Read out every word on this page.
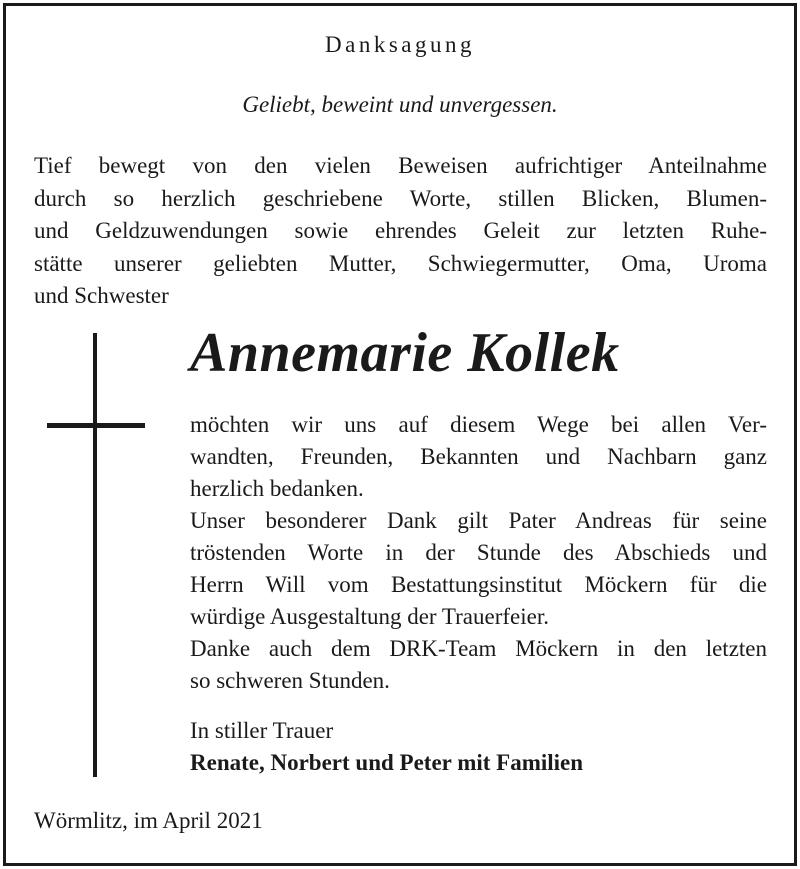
Danksagung
Geliebt, beweint und unvergessen.
Tief bewegt von den vielen Beweisen aufrichtiger Anteilnahme
durch so herzlich geschriebene Worte, stillen Blicken, Blumen-
und Geldzuwendungen sowie ehrendes Geleit zur letzten Ruhe-
stätte unserer geliebten Mutter, Schwiegermutter, Oma, Uroma
und Schwester
Annemarie Kollek
möchten wir uns auf diesem Wege bei allen Ver-
wandten, Freunden, Bekannten und Nachbarn ganz
herzlich bedanken.
Unser besonderer Dank gilt Pater Andreas für seine
tröstenden Worte in der Stunde des Abschieds und
Herrn Will vom Bestattungsinstitut Möckern für die
würdige Ausgestaltung der Trauerfeier.
Danke auch dem DRK-Team Möckern in den letzten
so schweren Stunden.
In stiller Trauer
Renate, Norbert und Peter mit Familien
Wörmlitz, im April 2021
